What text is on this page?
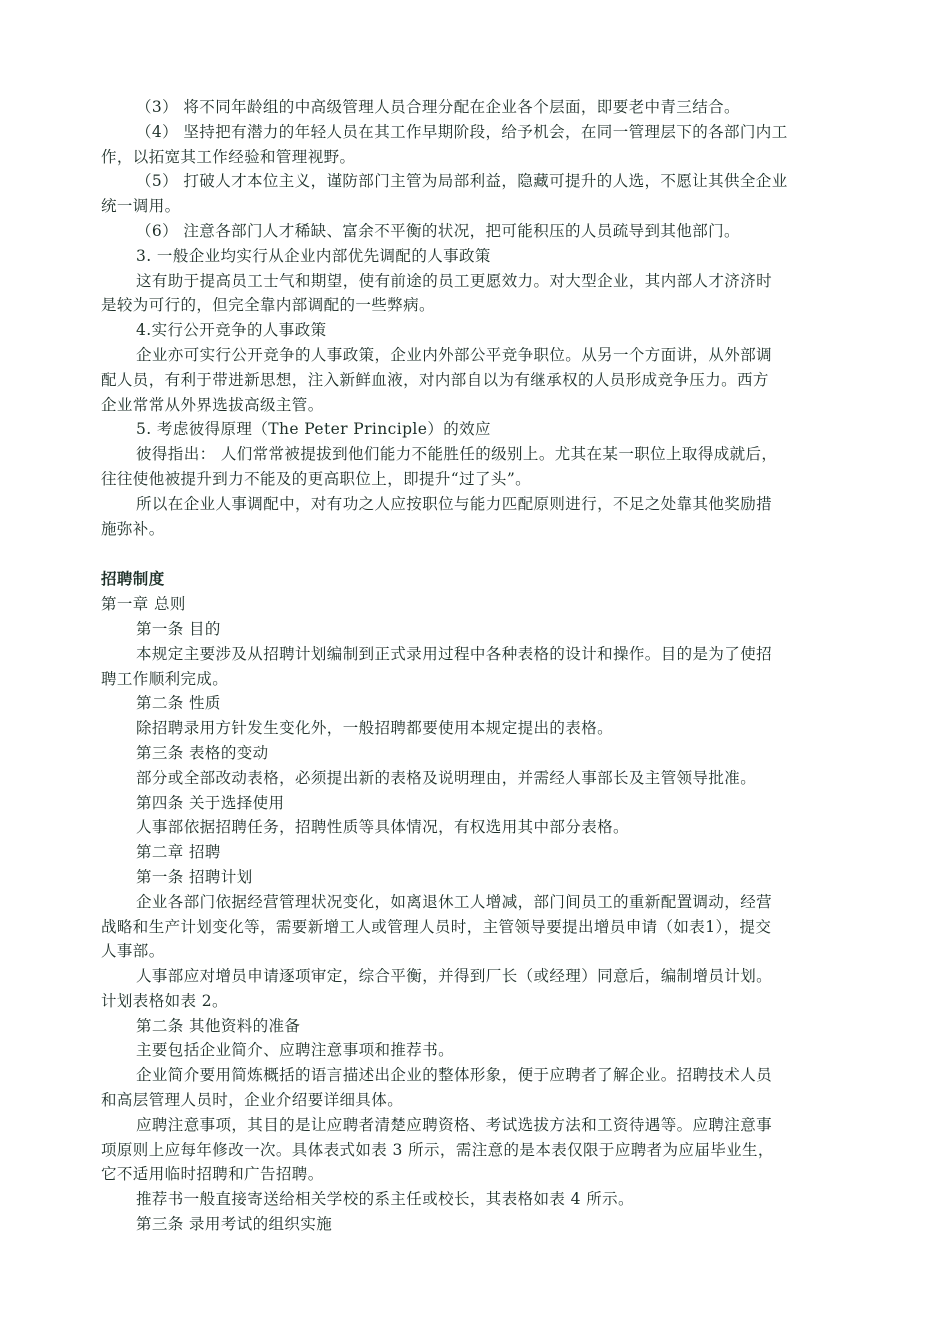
（3） 将不同年龄组的中高级管理人员合理分配在企业各个层面，即要老中青三结合。
（4） 坚持把有潜力的年轻人员在其工作早期阶段，给予机会，在同一管理层下的各部门内工
作，以拓宽其工作经验和管理视野。
（5） 打破人才本位主义，谨防部门主管为局部利益，隐藏可提升的人选，不愿让其供全企业
统一调用。
（6） 注意各部门人才稀缺、富余不平衡的状况，把可能积压的人员疏导到其他部门。
3. 一般企业均实行从企业内部优先调配的人事政策
这有助于提高员工士气和期望，使有前途的员工更愿效力。对大型企业，其内部人才济济时
是较为可行的，但完全靠内部调配的一些弊病。
4.实行公开竞争的人事政策
企业亦可实行公开竞争的人事政策，企业内外部公平竞争职位。从另一个方面讲，从外部调
配人员，有利于带进新思想，注入新鲜血液，对内部自以为有继承权的人员形成竞争压力。西方
企业常常从外界选拔高级主管。
5. 考虑彼得原理（The Peter Principle）的效应
彼得指出： 人们常常被提拔到他们能力不能胜任的级别上。尤其在某一职位上取得成就后，
往往使他被提升到力不能及的更高职位上，即提升“过了头”。
所以在企业人事调配中，对有功之人应按职位与能力匹配原则进行，不足之处靠其他奖励措
施弥补。
招聘制度
第一章 总则
第一条 目的
本规定主要涉及从招聘计划编制到正式录用过程中各种表格的设计和操作。目的是为了使招
聘工作顺利完成。
第二条 性质
除招聘录用方针发生变化外，一般招聘都要使用本规定提出的表格。
第三条 表格的变动
部分或全部改动表格，必须提出新的表格及说明理由，并需经人事部长及主管领导批准。
第四条 关于选择使用
人事部依据招聘任务，招聘性质等具体情况，有权选用其中部分表格。
第二章 招聘
第一条 招聘计划
企业各部门依据经营管理状况变化，如离退休工人增减，部门间员工的重新配置调动，经营
战略和生产计划变化等，需要新增工人或管理人员时，主管领导要提出增员申请（如表1），提交
人事部。
人事部应对增员申请逐项审定，综合平衡，并得到厂长（或经理）同意后，编制增员计划。
计划表格如表 2。
第二条 其他资料的准备
主要包括企业简介、应聘注意事项和推荐书。
企业简介要用简炼概括的语言描述出企业的整体形象，便于应聘者了解企业。招聘技术人员
和高层管理人员时，企业介绍要详细具体。
应聘注意事项，其目的是让应聘者清楚应聘资格、考试选拔方法和工资待遇等。应聘注意事
项原则上应每年修改一次。具体表式如表 3 所示，需注意的是本表仅限于应聘者为应届毕业生，
它不适用临时招聘和广告招聘。
推荐书一般直接寄送给相关学校的系主任或校长，其表格如表 4 所示。
第三条 录用考试的组织实施
